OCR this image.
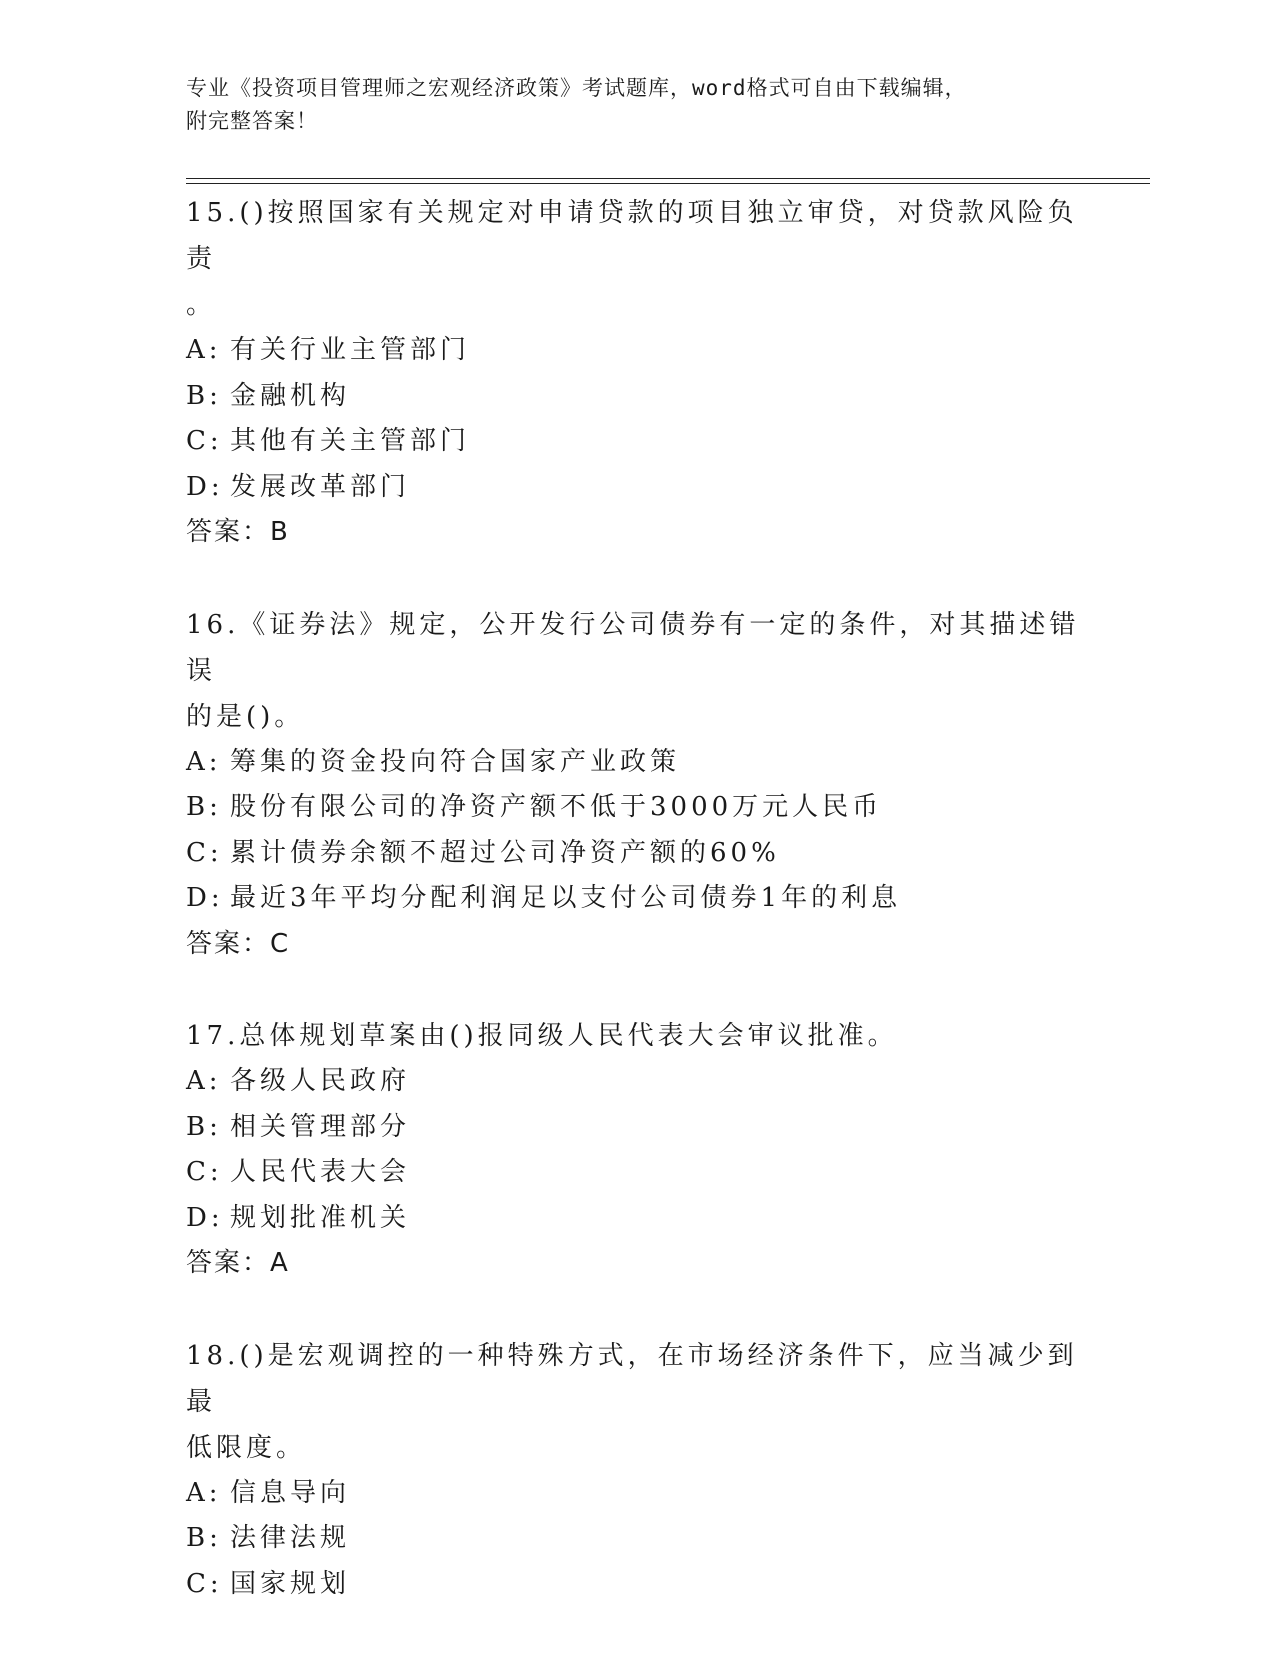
专业《投资项目管理师之宏观经济政策》考试题库，word格式可自由下载编辑，
附完整答案！
15.()按照国家有关规定对申请贷款的项目独立审贷，对贷款风险负责
。
A: 有关行业主管部门
B: 金融机构
C: 其他有关主管部门
D: 发展改革部门
答案：B
16.《证券法》规定，公开发行公司债券有一定的条件，对其描述错误
的是()。
A: 筹集的资金投向符合国家产业政策
B: 股份有限公司的净资产额不低于3000万元人民币
C: 累计债券余额不超过公司净资产额的60%
D: 最近3年平均分配利润足以支付公司债券1年的利息
答案：C
17.总体规划草案由()报同级人民代表大会审议批准。
A: 各级人民政府
B: 相关管理部分
C: 人民代表大会
D: 规划批准机关
答案：A
18.()是宏观调控的一种特殊方式，在市场经济条件下，应当减少到最
低限度。
A: 信息导向
B: 法律法规
C: 国家规划
